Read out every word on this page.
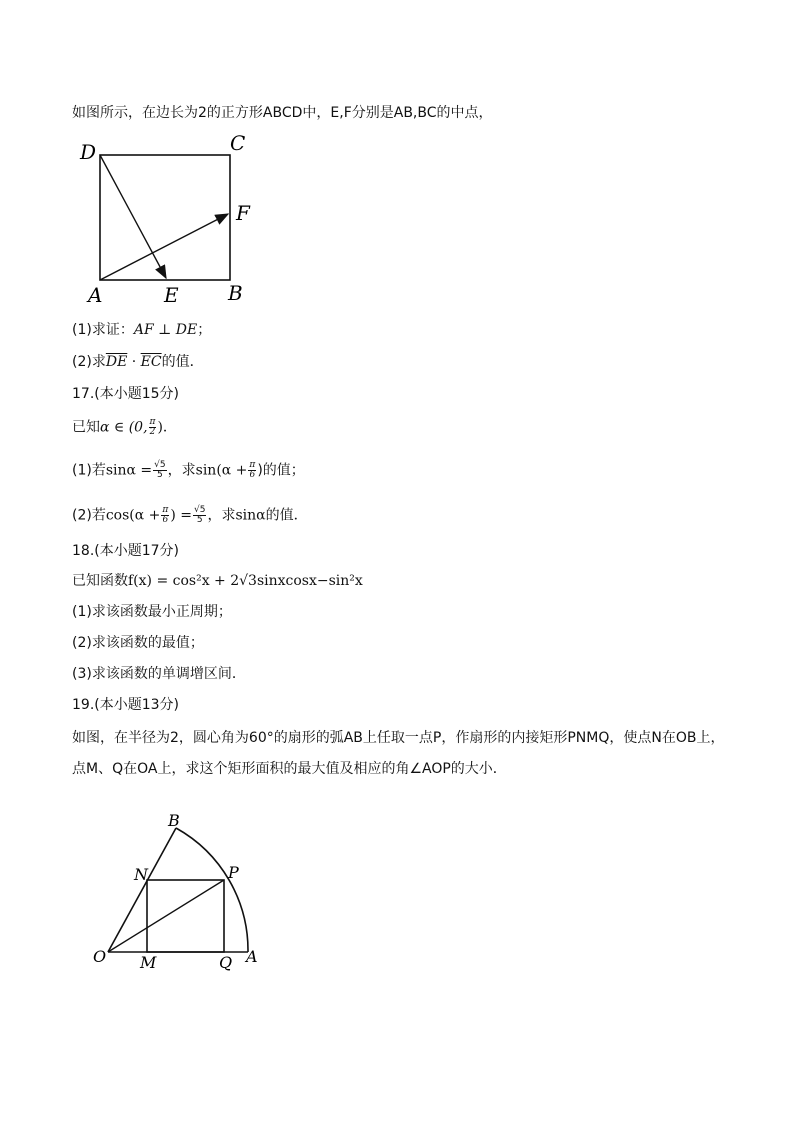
如图所示，在边长为2的正方形ABCD中，E,F分别是AB,BC的中点，
D	C
F
A	E B
(1)求证：AF ⊥ DE；
(2)求$\overline{DE} \cdot \overline{EC}$的值．
17.(本小题15分)
已知α ∈ (0, $\frac{\pi}{2}$ )．
(1)若$\sin\alpha = \frac{√5}{5}$ ，求$\sin(\alpha + \frac{\pi}{6}$ )的值；
(2)若$\cos(\alpha + \frac{\pi}{6}$ ) = $\frac{√5}{5}$ ，求sinα的值．
18.(本小题17分)
已知函数f(x) = cos²x + 2√3sinxcosx−sin²x
(1)求该函数最小正周期；
(2)求该函数的最值；
(3)求该函数的单调增区间．
19.(本小题13分)
如图，在半径为2，圆心角为60°的扇形的弧AB上任取一点P，作扇形的内接矩形PNMQ，使点N在OB上，
点M、Q在OA上，求这个矩形面积的最大值及相应的角∠AOP的大小．
B
N	P
O M	Q A
